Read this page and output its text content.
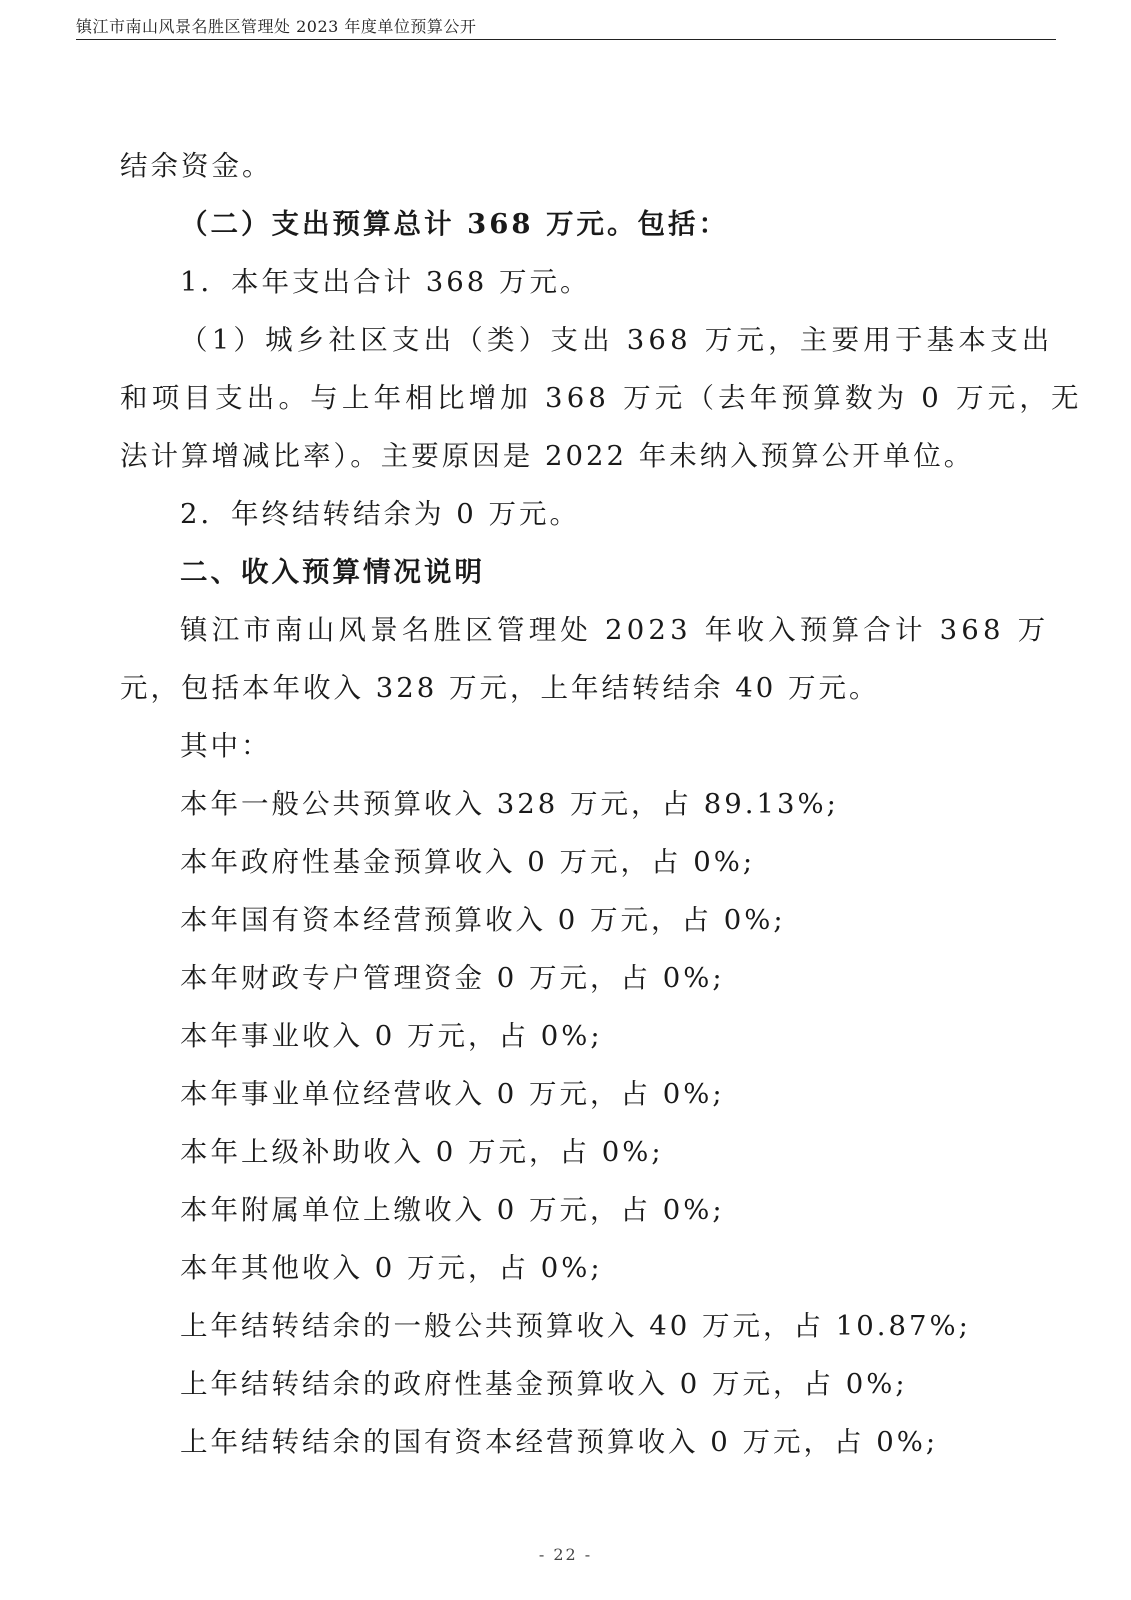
镇江市南山风景名胜区管理处 2023 年度单位预算公开
结余资金。
（二）支出预算总计 368 万元。包括：
1．本年支出合计 368 万元。
（1）城乡社区支出（类）支出 368 万元，主要用于基本支出
和项目支出。与上年相比增加 368 万元（去年预算数为 0 万元，无
法计算增减比率）。主要原因是 2022 年未纳入预算公开单位。
2．年终结转结余为 0 万元。
二、收入预算情况说明
镇江市南山风景名胜区管理处 2023 年收入预算合计 368 万
元，包括本年收入 328 万元，上年结转结余 40 万元。
其中：
本年一般公共预算收入 328 万元，占 89.13%;
本年政府性基金预算收入 0 万元，占 0%;
本年国有资本经营预算收入 0 万元，占 0%;
本年财政专户管理资金 0 万元，占 0%;
本年事业收入 0 万元，占 0%;
本年事业单位经营收入 0 万元，占 0%;
本年上级补助收入 0 万元，占 0%;
本年附属单位上缴收入 0 万元，占 0%;
本年其他收入 0 万元，占 0%;
上年结转结余的一般公共预算收入 40 万元，占 10.87%;
上年结转结余的政府性基金预算收入 0 万元，占 0%;
上年结转结余的国有资本经营预算收入 0 万元，占 0%;
- 22 -
